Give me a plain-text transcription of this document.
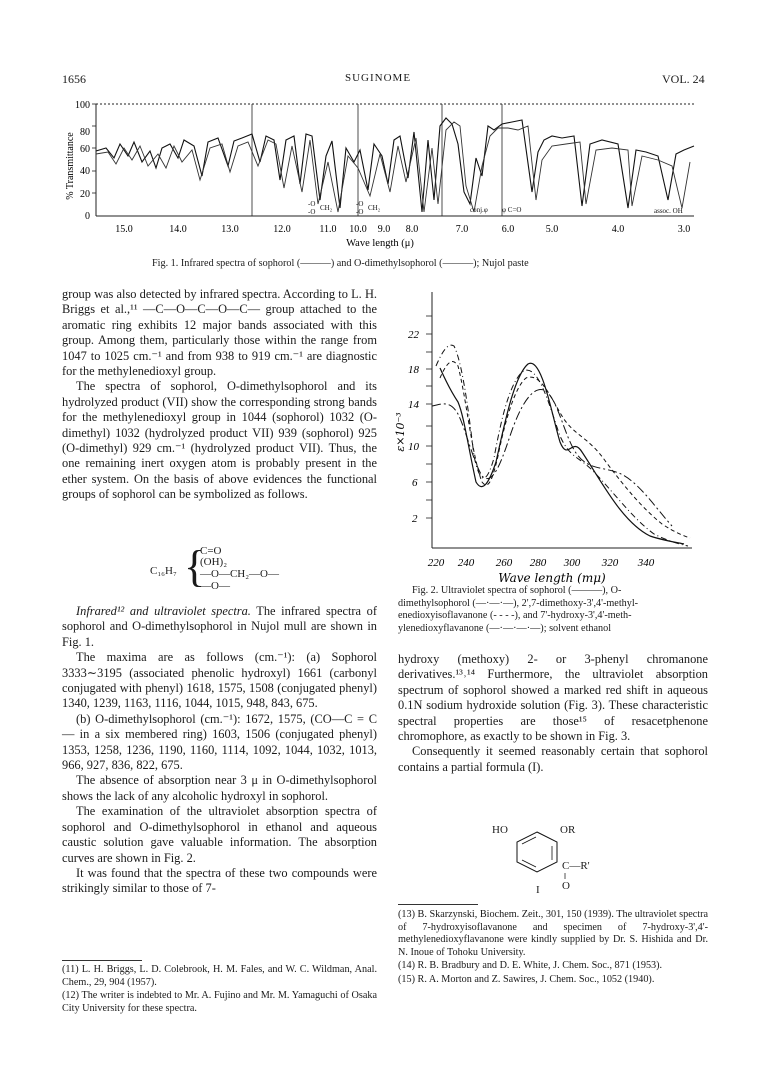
1656	SUGINOME	VOL. 24
100
80
60
40
20
0
% Transmittance
-O
-O CH₂	-O
-O CH₂	conj.φ φ C=O	assoc. OH
15.0	14.0	13.0	12.0	11.0 10.0 9.0 8.0	7.0	6.0	5.0	4.0	3.0
Wave length (μ)
Fig. 1. Infrared spectra of sophorol (———) and O-dimethylsophorol (———); Nujol paste

group was also detected by infrared spectra. According to L. H. Briggs et al.,¹¹ —C—O—C—O—C— group attached to the aromatic ring exhibits 12 major bands associated with this group. Among them, particularly those within the range from 1047 to 1025 cm.⁻¹ and from 938 to 919 cm.⁻¹ are diagnostic for the methylenedioxyl group.

The spectra of sophorol, O-dimethylsophorol and its hydrolyzed product (VII) show the corresponding strong bands for the methylenedioxyl group in 1044 (sophorol) 1032 (O-dimethyl) 1032 (hydrolyzed product VII) 939 (sophorol) 925 (O-dimethyl) 929 cm.⁻¹ (hydrolyzed product VII). Thus, the one remaining inert oxygen atom is probably present in the ether system. On the basis of above evidences the functional groups of sophorol can be symbolized as follows.

C₁₆H₇ {
C=O
(OH)₂
—O—CH₂—O—
—O—

Infrared¹² and ultraviolet spectra. The infrared spectra of sophorol and O-dimethylsophorol in Nujol mull are shown in Fig. 1.

The maxima are as follows (cm.⁻¹): (a) Sophorol 3333∼3195 (associated phenolic hydroxyl) 1661 (carbonyl conjugated with phenyl) 1618, 1575, 1508 (conjugated phenyl) 1340, 1239, 1163, 1116, 1044, 1015, 948, 843, 675.

(b) O-dimethylsophorol (cm.⁻¹): 1672, 1575, (CO—C = C— in a six membered ring) 1603, 1506 (conjugated phenyl) 1353, 1258, 1236, 1190, 1160, 1114, 1092, 1044, 1032, 1013, 966, 927, 836, 822, 675.

The absence of absorption near 3 μ in O-dimethylsophorol shows the lack of any alcoholic hydroxyl in sophorol.

The examination of the ultraviolet absorption spectra of sophorol and O-dimethylsophorol in ethanol and aqueous caustic solution gave valuable information. The absorption curves are shown in Fig. 2.

It was found that the spectra of these two compounds were strikingly similar to those of 7-

(11) L. H. Briggs, L. D. Colebrook, H. M. Fales, and W. C. Wildman, Anal. Chem., 29, 904 (1957).

(12) The writer is indebted to Mr. A. Fujino and Mr. M. Yamaguchi of Osaka City University for these spectra.

22
18
14
10
6
2
ε×10⁻³
220 240 260 280 300 320 340
Wave length (mμ)
Fig. 2. Ultraviolet spectra of sophorol (———), O-
dimethylsophorol (—·—·—), 2',7-dimethoxy-3',4'-methyl-
enedioxyisoflavanone (- - - -), and 7'-hydroxy-3',4'-meth-
ylenedioxyflavanone (—·—·—·—); solvent ethanol

hydroxy (methoxy) 2- or 3-phenyl chromanone derivatives.¹³˒¹⁴ Furthermore, the ultraviolet absorption spectrum of sophorol showed a marked red shift in aqueous 0.1N sodium hydroxide solution (Fig. 3). These characteristic spectral properties are those¹⁵ of resacetphenone chromophore, as exactly to be shown in Fig. 3.

Consequently it seemed reasonably certain that sophorol contains a partial formula (I).

HO	OR
C—R'
‖
O
I

(13) B. Skarzynski, Biochem. Zeit., 301, 150 (1939). The ultraviolet spectra of 7-hydroxyisoflavanone and specimen of 7-hydroxy-3',4'-methylenedioxyflavanone were kindly supplied by Dr. S. Hishida and Dr. N. Inoue of Tohoku University.

(14) R. B. Bradbury and D. E. White, J. Chem. Soc., 871 (1953).

(15) R. A. Morton and Z. Sawires, J. Chem. Soc., 1052 (1940).
